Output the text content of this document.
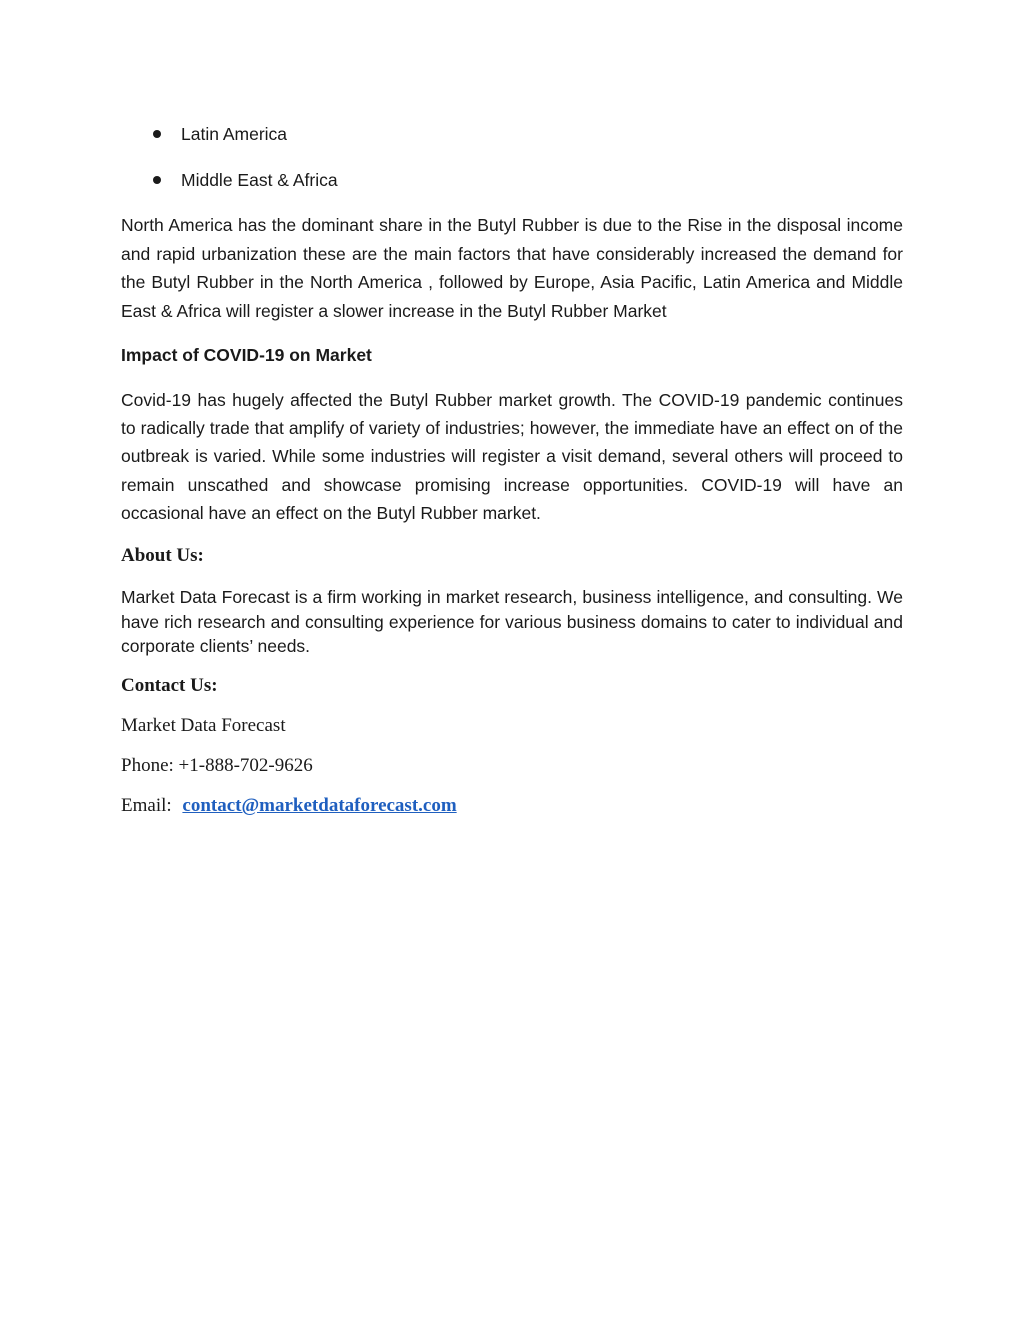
Latin America
Middle East & Africa

North America has the dominant share in the Butyl Rubber is due to the Rise in the disposal income and rapid urbanization these are the main factors that have considerably increased the demand for the Butyl Rubber in the North America , followed by Europe, Asia Pacific, Latin America and Middle East & Africa will register a slower increase in the Butyl Rubber Market

Impact of COVID-19 on Market

Covid-19 has hugely affected the Butyl Rubber market growth. The COVID-19 pandemic continues to radically trade that amplify of variety of industries; however, the immediate have an effect on of the outbreak is varied. While some industries will register a visit demand, several others will proceed to remain unscathed and showcase promising increase opportunities. COVID-19 will have an occasional have an effect on the Butyl Rubber market.

About Us:

Market Data Forecast is a firm working in market research, business intelligence, and consulting. We have rich research and consulting experience for various business domains to cater to individual and corporate clients’ needs.

Contact Us:

Market Data Forecast

Phone: +1-888-702-9626

Email: contact@marketdataforecast.com
